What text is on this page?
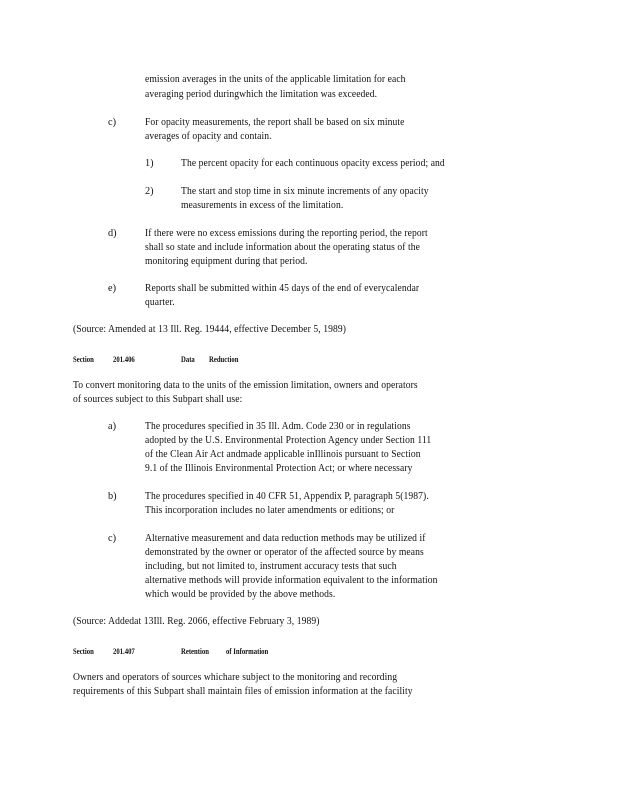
emission averages in the units of the applicable limitation for each
averaging period duringwhich the limitation was exceeded.
c)	For opacity measurements, the report shall be based on six minute
averages of opacity and contain.
1)	The percent opacity for each continuous opacity excess period; and
2)	The start and stop time in six minute increments of any opacity
measurements in excess of the limitation.
d)	If there were no excess emissions during the reporting period, the report
shall so state and include information about the operating status of the
monitoring equipment during that period.
e)	Reports shall be submitted within 45 days of the end of everycalendar
quarter.
(Source: Amended at 13 Ill. Reg. 19444, effective December 5, 1989)
Section 201.406	Data Reduction
To convert monitoring data to the units of the emission limitation, owners and operators
of sources subject to this Subpart shall use:
a)	The procedures specified in 35 Ill. Adm. Code 230 or in regulations
adopted by the U.S. Environmental Protection Agency under Section 111
of the Clean Air Act andmade applicable inIllinois pursuant to Section
9.1 of the Illinois Environmental Protection Act; or where necessary
b)	The procedures specified in 40 CFR 51, Appendix P, paragraph 5(1987).
This incorporation includes no later amendments or editions; or
c)	Alternative measurement and data reduction methods may be utilized if
demonstrated by the owner or operator of the affected source by means
including, but not limited to, instrument accuracy tests that such
alternative methods will provide information equivalent to the information
which would be provided by the above methods.
(Source: Addedat 13Ill. Reg. 2066, effective February 3, 1989)
Section 201.407	Retention of Information
Owners and operators of sources whichare subject to the monitoring and recording
requirements of this Subpart shall maintain files of emission information at the facility
